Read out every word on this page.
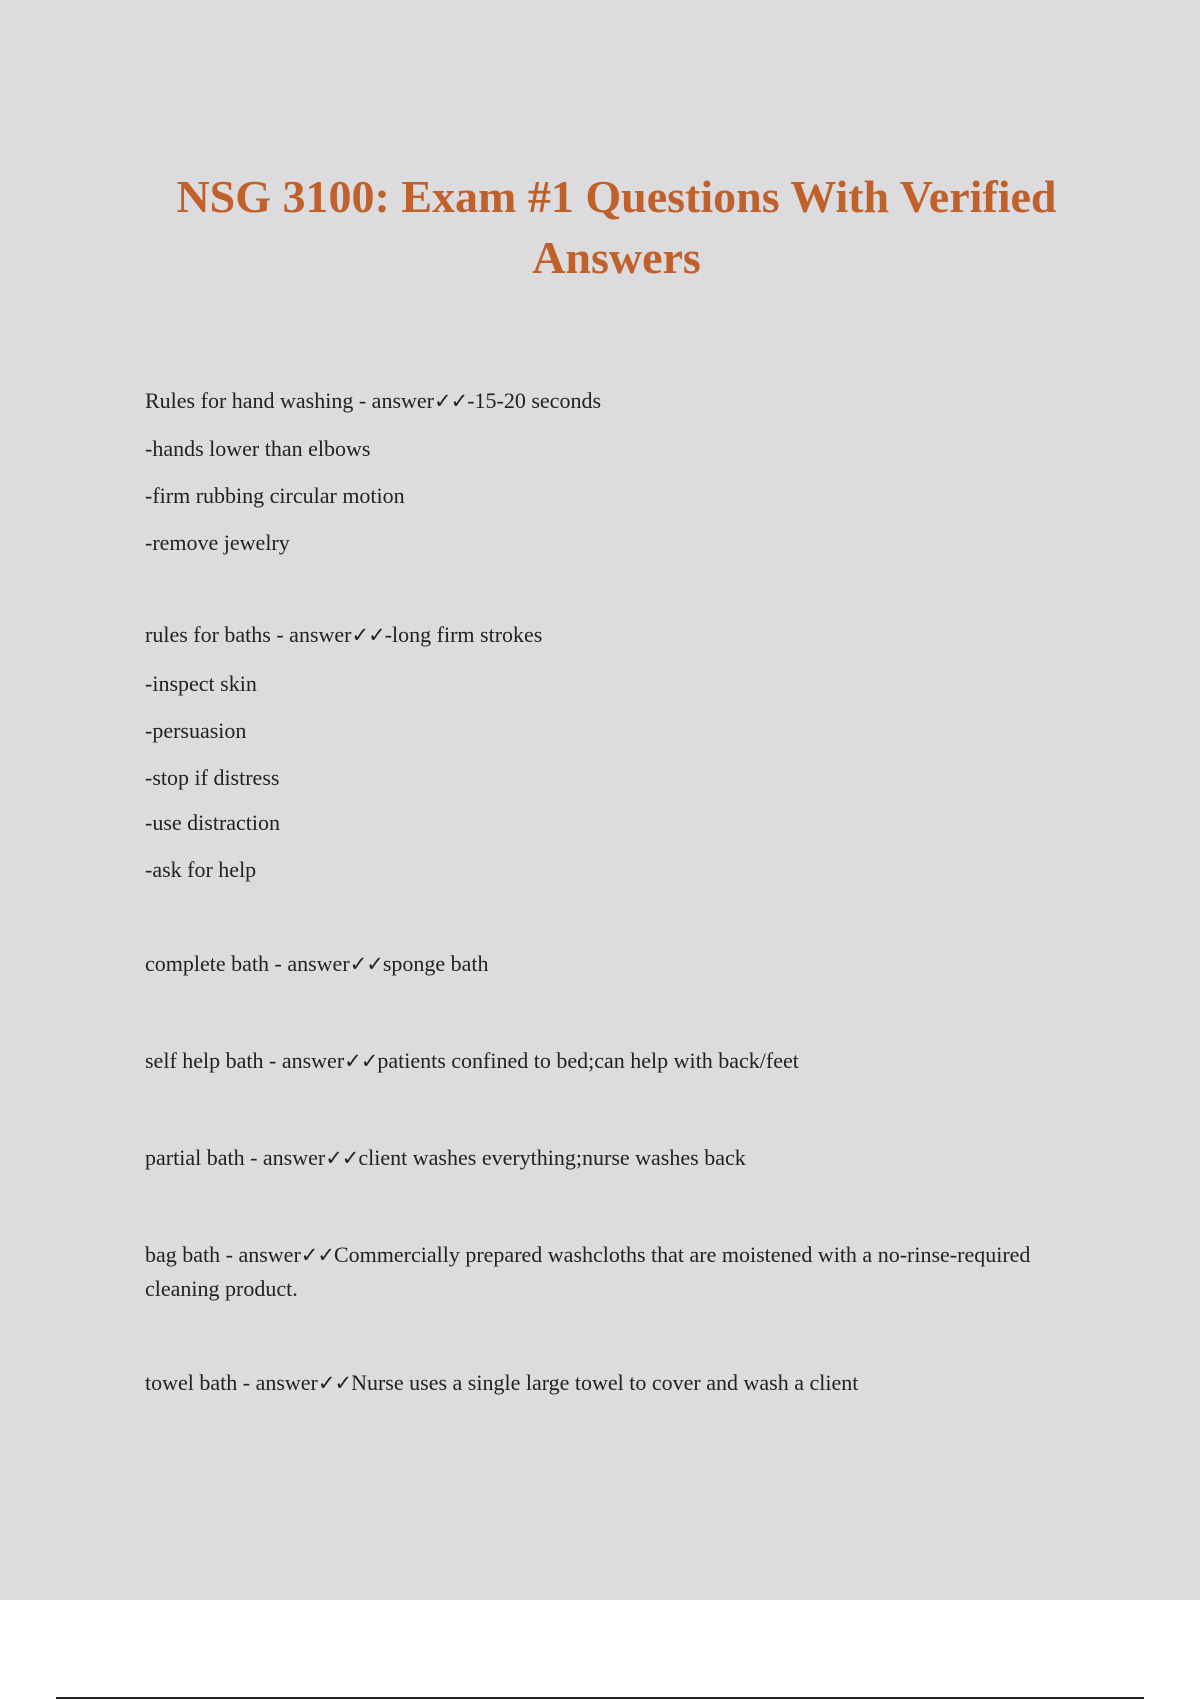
NSG 3100: Exam #1 Questions With Verified Answers
Rules for hand washing - answer✓✓-15-20 seconds
-hands lower than elbows
-firm rubbing circular motion
-remove jewelry
rules for baths - answer✓✓-long firm strokes
-inspect skin
-persuasion
-stop if distress
-use distraction
-ask for help
complete bath - answer✓✓sponge bath
self help bath - answer✓✓patients confined to bed;can help with back/feet
partial bath - answer✓✓client washes everything;nurse washes back
bag bath - answer✓✓Commercially prepared washcloths that are moistened with a no-rinse-required cleaning product.
towel bath - answer✓✓Nurse uses a single large towel to cover and wash a client
